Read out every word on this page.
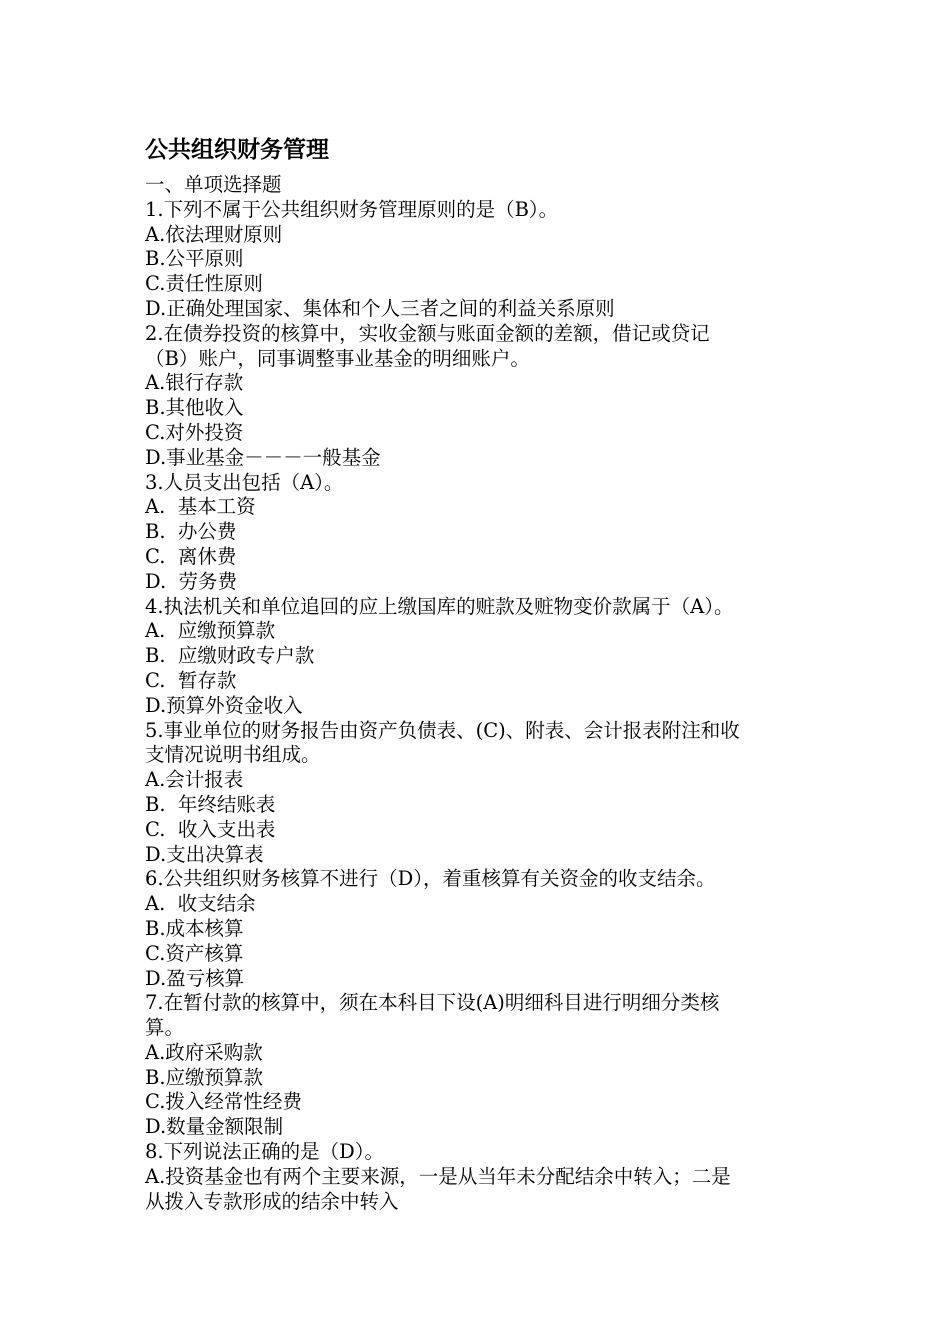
公共组织财务管理
一、单项选择题
1.下列不属于公共组织财务管理原则的是（B）。
A.依法理财原则
B.公平原则
C.责任性原则
D.正确处理国家、集体和个人三者之间的利益关系原则
2.在债券投资的核算中，实收金额与账面金额的差额，借记或贷记
（B）账户，同事调整事业基金的明细账户。
A.银行存款
B.其他收入
C.对外投资
D.事业基金－－－一般基金
3.人员支出包括（A）。
A.  基本工资
B.  办公费
C.  离休费
D.  劳务费
4.执法机关和单位追回的应上缴国库的赃款及赃物变价款属于（A）。
A.  应缴预算款
B.  应缴财政专户款
C.  暂存款
D.预算外资金收入
5.事业单位的财务报告由资产负债表、(C)、附表、会计报表附注和收
支情况说明书组成。
A.会计报表
B.  年终结账表
C.  收入支出表
D.支出决算表
6.公共组织财务核算不进行（D），着重核算有关资金的收支结余。
A.  收支结余
B.成本核算
C.资产核算
D.盈亏核算
7.在暂付款的核算中，须在本科目下设(A)明细科目进行明细分类核
算。
A.政府采购款
B.应缴预算款
C.拨入经常性经费
D.数量金额限制
8.下列说法正确的是（D）。
A.投资基金也有两个主要来源，一是从当年未分配结余中转入；二是
从拨入专款形成的结余中转入
